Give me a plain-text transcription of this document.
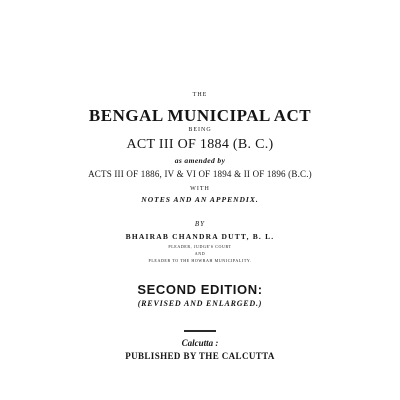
THE
BENGAL MUNICIPAL ACT
BEING
ACT III OF 1884 (B. C.)
as amended by
ACTS III OF 1886, IV & VI OF 1894 & II OF 1896 (B.C.)
WITH
NOTES AND AN APPENDIX.
BY
BHAIRAB CHANDRA DUTT, B. L.
PLEADER, JUDGE'S COURT
AND
PLEADER TO THE HOWRAH MUNICIPALITY.
SECOND EDITION:
(REVISED AND ENLARGED.)
Calcutta :
PUBLISHED BY THE CALCUTTA
